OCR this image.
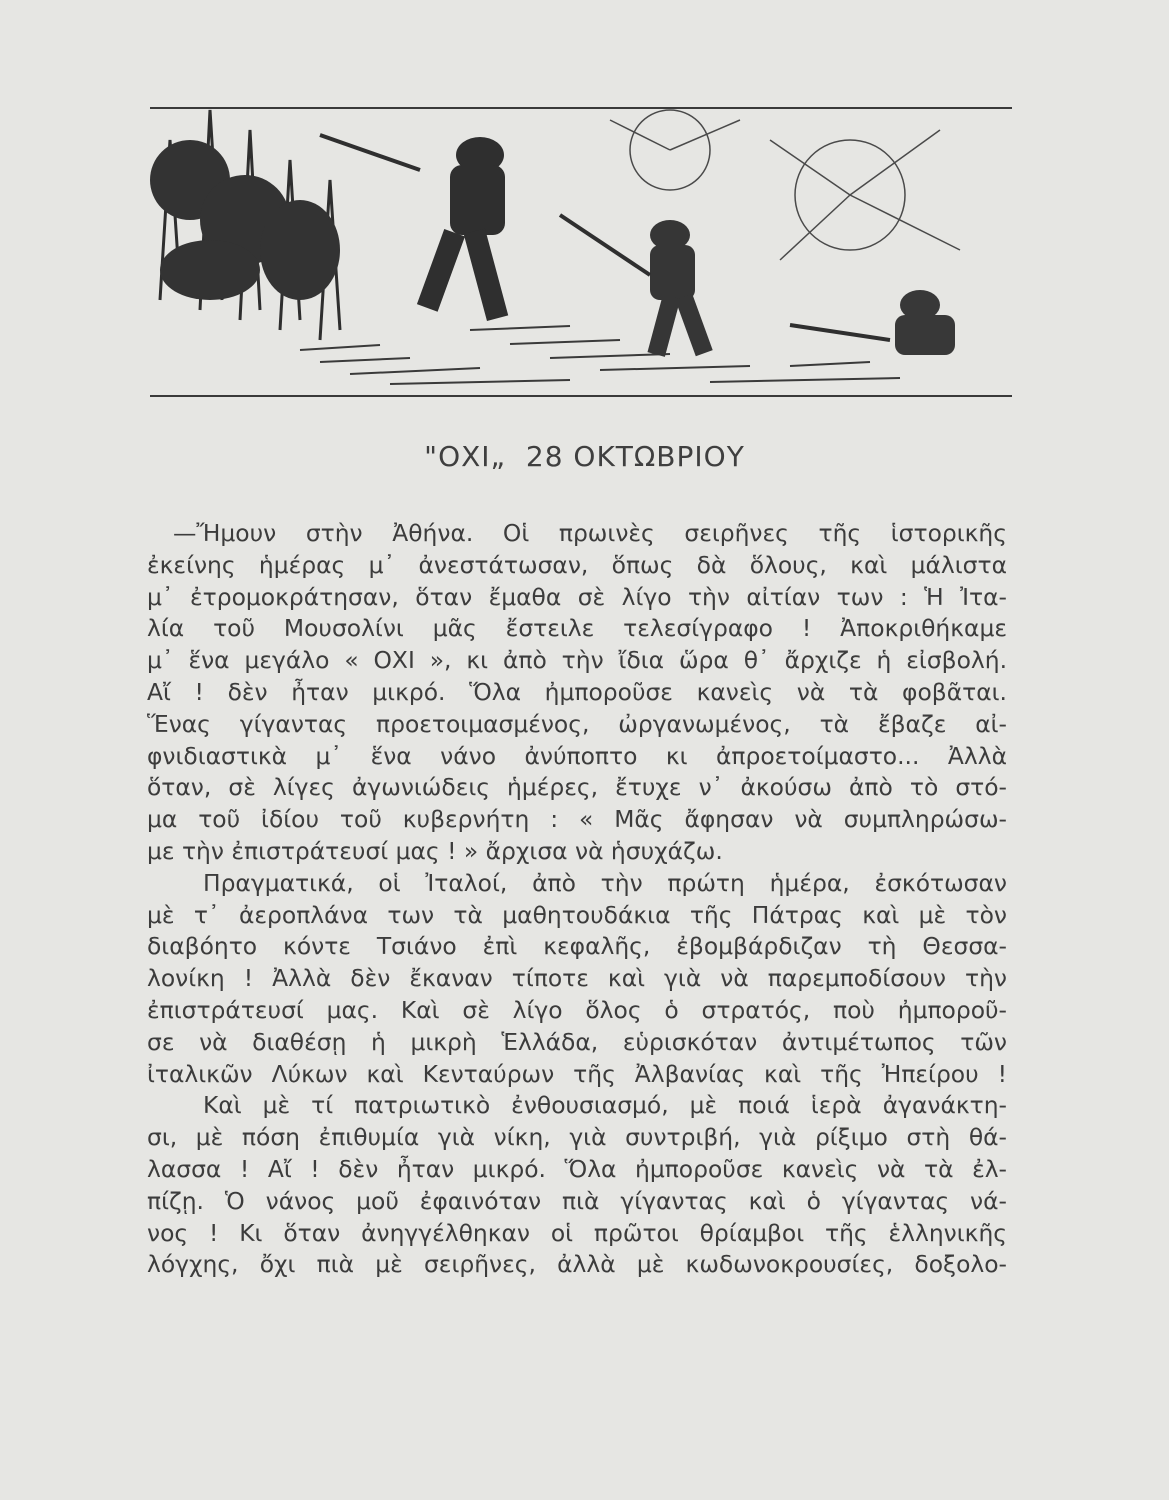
"ΟΧΙ„ 28 ΟΚΤΩΒΡΙΟΥ
—Ἤμουν στὴν Ἀθήνα. Οἱ πρωινὲς σειρῆνες τῆς ἱστορικῆς
ἐκείνης ἡμέρας μ᾿ ἀνεστάτωσαν, ὅπως δὰ ὅλους, καὶ μάλιστα
μ᾿ ἐτρομοκράτησαν, ὅταν ἔμαθα σὲ λίγο τὴν αἰτίαν των : Ἡ Ἰτα-
λία τοῦ Μουσολίνι μᾶς ἔστειλε τελεσίγραφο ! Ἀποκριθήκαμε
μ᾿ ἕνα μεγάλο « ΟΧΙ », κι ἀπὸ τὴν ἴδια ὥρα θ᾿ ἄρχιζε ἡ εἰσβολή.
Αἴ ! δὲν ἦταν μικρό. Ὅλα ἠμποροῦσε κανεὶς νὰ τὰ φοβᾶται.
Ἕνας γίγαντας προετοιμασμένος, ὠργανωμένος, τὰ ἔβαζε αἰ-
φνιδιαστικὰ μ᾿ ἕνα νάνο ἀνύποπτο κι ἀπροετοίμαστο... Ἀλλὰ
ὅταν, σὲ λίγες ἀγωνιώδεις ἡμέρες, ἔτυχε ν᾿ ἀκούσω ἀπὸ τὸ στό-
μα τοῦ ἰδίου τοῦ κυβερνήτη : « Μᾶς ἄφησαν νὰ συμπληρώσω-
με τὴν ἐπιστράτευσί μας ! » ἄρχισα νὰ ἡσυχάζω.
Πραγματικά, οἱ Ἰταλοί, ἀπὸ τὴν πρώτη ἡμέρα, ἐσκότωσαν
μὲ τ᾿ ἀεροπλάνα των τὰ μαθητουδάκια τῆς Πάτρας καὶ μὲ τὸν
διαβόητο κόντε Τσιάνο ἐπὶ κεφαλῆς, ἐβομβάρδιζαν τὴ Θεσσα-
λονίκη ! Ἀλλὰ δὲν ἔκαναν τίποτε καὶ γιὰ νὰ παρεμποδίσουν τὴν
ἐπιστράτευσί μας. Καὶ σὲ λίγο ὅλος ὁ στρατός, ποὺ ἠμποροῦ-
σε νὰ διαθέσῃ ἡ μικρὴ Ἑλλάδα, εὑρισκόταν ἀντιμέτωπος τῶν
ἰταλικῶν Λύκων καὶ Κενταύρων τῆς Ἀλβανίας καὶ τῆς Ἠπείρου !
Καὶ μὲ τί πατριωτικὸ ἐνθουσιασμό, μὲ ποιά ἱερὰ ἀγανάκτη-
σι, μὲ πόση ἐπιθυμία γιὰ νίκη, γιὰ συντριβή, γιὰ ρίξιμο στὴ θά-
λασσα ! Αἴ ! δὲν ἦταν μικρό. Ὅλα ἠμποροῦσε κανεὶς νὰ τὰ ἐλ-
πίζῃ. Ὁ νάνος μοῦ ἐφαινόταν πιὰ γίγαντας καὶ ὁ γίγαντας νά-
νος ! Κι ὅταν ἀνηγγέλθηκαν οἱ πρῶτοι θρίαμβοι τῆς ἑλληνικῆς
λόγχης, ὄχι πιὰ μὲ σειρῆνες, ἀλλὰ μὲ κωδωνοκρουσίες, δοξολο-
